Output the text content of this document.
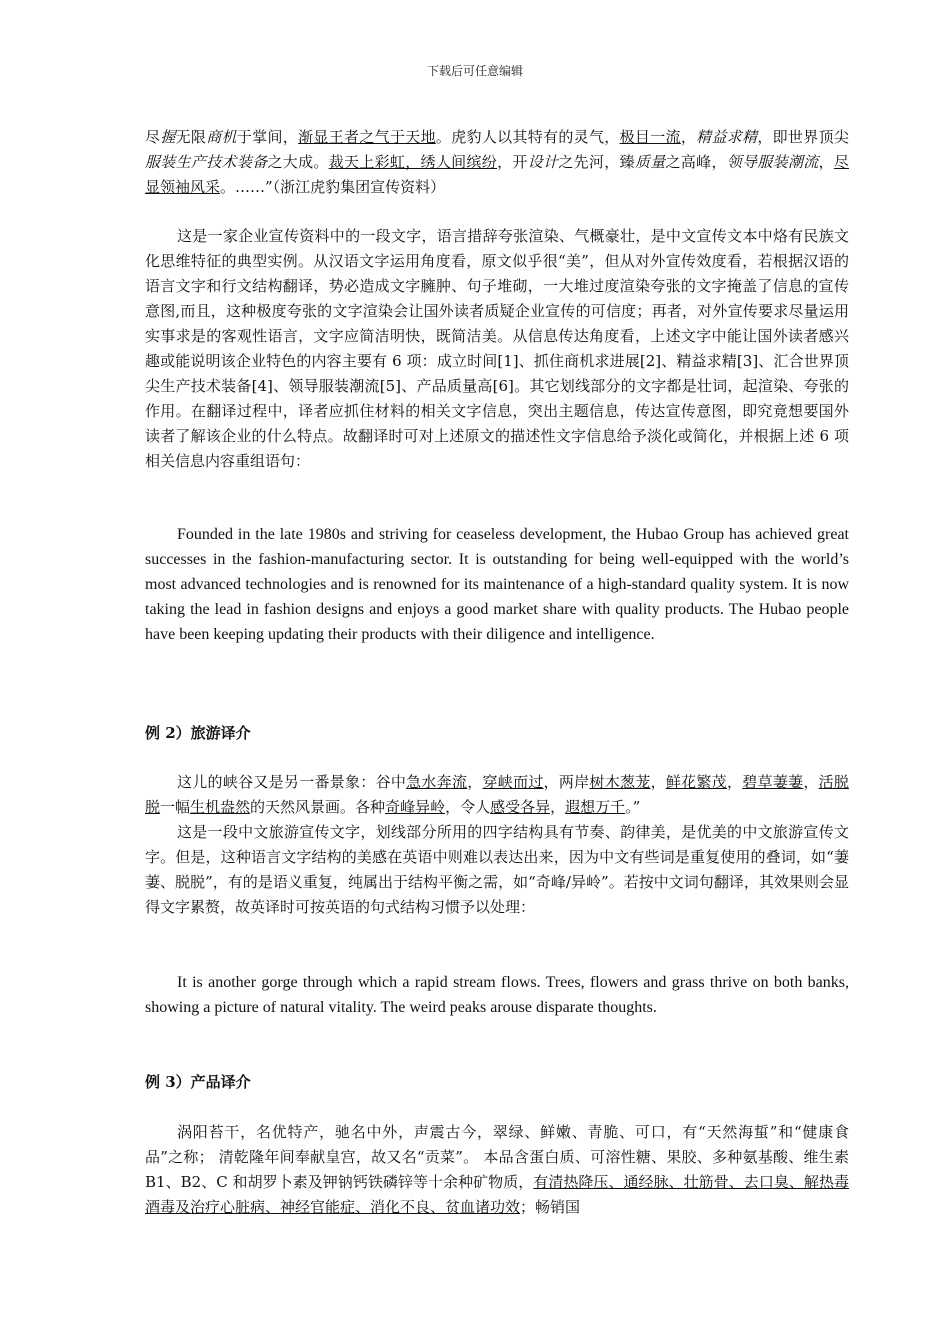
下载后可任意编辑
尽握无限商机于掌间，渐显王者之气于天地。虎豹人以其特有的灵气，极目一流，精益求精，即世界顶尖服装生产技术装备之大成。裁天上彩虹，绣人间缤纷，开设计之先河，臻质量之高峰，领导服装潮流，尽显领袖风采。……”（浙江虎豹集团宣传资料）
这是一家企业宣传资料中的一段文字，语言措辞夸张渲染、气概豪壮，是中文宣传文本中烙有民族文化思维特征的典型实例。从汉语文字运用角度看，原文似乎很“美”，但从对外宣传效度看，若根据汉语的语言文字和行文结构翻译，势必造成文字臃肿、句子堆砌，一大堆过度渲染夸张的文字掩盖了信息的宣传意图,而且，这种极度夸张的文字渲染会让国外读者质疑企业宣传的可信度；再者，对外宣传要求尽量运用实事求是的客观性语言，文字应简洁明快，既简洁美。从信息传达角度看，上述文字中能让国外读者感兴趣或能说明该企业特色的内容主要有 6 项：成立时间[1]、抓住商机求进展[2]、精益求精[3]、汇合世界顶尖生产技术装备[4]、领导服装潮流[5]、产品质量高[6]。其它划线部分的文字都是壮词，起渲染、夸张的作用。在翻译过程中，译者应抓住材料的相关文字信息，突出主题信息，传达宣传意图，即究竟想要国外读者了解该企业的什么特点。故翻译时可对上述原文的描述性文字信息给予淡化或简化，并根据上述 6 项相关信息内容重组语句：
Founded in the late 1980s and striving for ceaseless development, the Hubao Group has achieved great successes in the fashion-manufacturing sector. It is outstanding for being well-equipped with the world’s most advanced technologies and is renowned for its maintenance of a high-standard quality system. It is now taking the lead in fashion designs and enjoys a good market share with quality products. The Hubao people have been keeping updating their products with their diligence and intelligence.
例 2）旅游译介
这儿的峡谷又是另一番景象：谷中急水奔流，穿峡而过，两岸树木葱茏，鲜花繁茂，碧草萋萋，活脱脱一幅生机盎然的天然风景画。各种奇峰异岭，令人感受各异，遐想万千。”
这是一段中文旅游宣传文字，划线部分所用的四字结构具有节奏、韵律美，是优美的中文旅游宣传文字。但是，这种语言文字结构的美感在英语中则难以表达出来，因为中文有些词是重复使用的叠词，如“萋萋、脱脱”，有的是语义重复，纯属出于结构平衡之需，如“奇峰/异岭”。若按中文词句翻译，其效果则会显得文字累赘，故英译时可按英语的句式结构习惯予以处理：
It is another gorge through which a rapid stream flows. Trees, flowers and grass thrive on both banks, showing a picture of natural vitality. The weird peaks arouse disparate thoughts.
例 3）产品译介
涡阳苔干，名优特产，驰名中外，声震古今，翠绿、鲜嫩、青脆、可口，有“天然海蜇”和“健康食品”之称； 清乾隆年间奉献皇宫，故又名“贡菜”。 本品含蛋白质、可溶性糖、果胶、多种氨基酸、维生素 B1、B2、C 和胡罗卜素及钾钠钙铁磷锌等十余种矿物质，有清热降压、通经脉、壮筋骨、去口臭、解热毒酒毒及治疗心脏病、神经官能症、消化不良、贫血诸功效；畅销国
